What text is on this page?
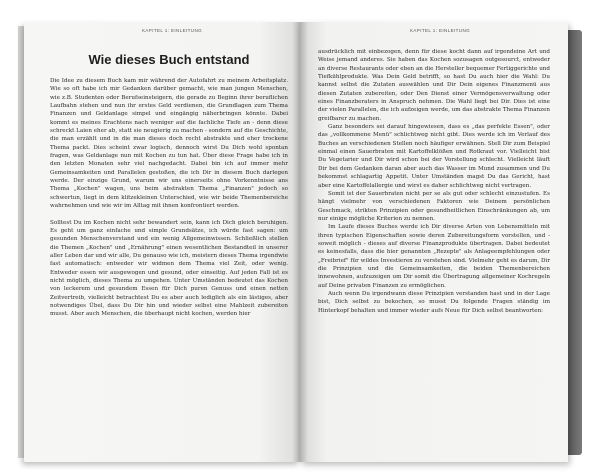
KAPITEL 1: EINLEITUNG
Wie dieses Buch entstand

Die Idee zu diesem Buch kam mir während der Autofahrt zu meinem Arbeitsplatz. Wie so oft habe ich mir Gedanken darüber gemacht, wie man jungen Menschen, wie z.B. Studenten oder Berufseinsteigern, die gerade zu Beginn ihrer beruflichen Laufbahn stehen und nun ihr erstes Geld verdienen, die Grundlagen zum Thema Finanzen und Geldanlage simpel und eingängig näherbringen könnte. Dabei kommt es meines Erachtens nach weniger auf die fachliche Tiefe an - denn diese schreckt Laien eher ab, statt sie neugierig zu machen - sondern auf die Geschichte, die man erzählt und in die man dieses doch recht abstrakte und eher trockene Thema packt. Dies scheint zwar logisch, dennoch wirst Du Dich wohl spontan fragen, was Geldanlage nun mit Kochen zu tun hat. Über diese Frage habe ich in den letzten Monaten sehr viel nachgedacht. Dabei bin ich auf immer mehr Gemeinsamkeiten und Parallelen gestoßen, die ich Dir in diesem Buch darlegen werde. Der einzige Grund, warum wir uns einerseits ohne Vorkenntnisse ans Thema „Kochen" wagen, uns beim abstrakten Thema „Finanzen" jedoch so schwertun, liegt in dem klitzekleinen Unterschied, wie wir beide Themenbereiche wahrnehmen und wie wir im Alltag mit ihnen konfrontiert werden.

Solltest Du im Kochen nicht sehr bewandert sein, kann ich Dich gleich beruhigen. Es geht um ganz einfache und simple Grundsätze, ich würde fast sagen: um gesunden Menschenverstand und ein wenig Allgemeinwissen. Schließlich stellen die Themen „Kochen" und „Ernährung" einen wesentlichen Bestandteil in unserer aller Leben dar und wir alle, Du genauso wie ich, meistern dieses Thema irgendwie fast automatisch: entweder wir widmen dem Thema viel Zeit, oder wenig. Entweder essen wir ausgewogen und gesund, oder einseitig. Auf jeden Fall ist es nicht möglich, dieses Thema zu umgehen. Unter Umständen bedeutet das Kochen von leckerem und gesundem Essen für Dich puren Genuss und einen netten Zeitvertreib, vielleicht betrachtest Du es aber auch lediglich als ein lästiges, aber notwendiges Übel, dass Du Dir hin und wieder selbst eine Mahlzeit zubereiten musst. Aber auch Menschen, die überhaupt nicht kochen, werden hier

KAPITEL 1: EINLEITUNG

ausdrücklich mit einbezogen, denn für diese kocht dann auf irgendeine Art und Weise jemand anderes. Sie haben das Kochen sozusagen outgesourct, entweder an diverse Restaurants oder eben an die Hersteller bequemer Fertiggerichte und Tiefkühlprodukte. Was Dein Geld betrifft, so hast Du auch hier die Wahl: Du kannst selbst die Zutaten auswählen und Dir Dein eigenes Finanzmenü aus diesen Zutaten zubereiten, oder Den Dienst einer Vermögensverwaltung oder eines Finanzberaters in Anspruch nehmen. Die Wahl liegt bei Dir. Dies ist eine der vielen Parallelen, die ich aufzeigen werde, um das abstrakte Thema Finanzen greifbarer zu machen.

Ganz besonders sei darauf hingewiesen, dass es „das perfekte Essen", oder das „vollkommene Menü" schlichtweg nicht gibt. Dies werde ich im Verlauf des Buches an verschiedenen Stellen noch häufiger erwähnen. Stell Dir zum Beispiel einmal einen Sauerbraten mit Kartoffelklößen und Rotkraut vor. Vielleicht bist Du Vegetarier und Dir wird schon bei der Vorstellung schlecht. Vielleicht läuft Dir bei dem Gedanken daran aber auch das Wasser im Mund zusammen und Du bekommst schlagartig Appetit. Unter Umständen magst Du das Gericht, hast aber eine Kartoffelallergie und wirst es daher schlichtweg nicht vertragen.

Somit ist der Sauerbraten nicht per se als gut oder schlecht einzustufen. Es hängt vielmehr von verschiedenen Faktoren wie Deinem persönlichen Geschmack, strikten Prinzipien oder gesundheitlichen Einschränkungen ab, um nur einige mögliche Kriterien zu nennen.

Im Laufe dieses Buches werde ich Dir diverse Arten von Lebensmitteln mit ihren typischen Eigenschaften sowie deren Zubereitungsform vorstellen, und - soweit möglich - dieses auf diverse Finanzprodukte übertragen. Dabei bedeutet es keinesfalls, dass die hier genannten „Rezepte" als Anlageempfehlungen oder „Freibrief" für wildes Investieren zu verstehen sind. Vielmehr geht es darum, Dir die Prinzipien und die Gemeinsamkeiten, die beiden Themenbereichen innewohnen, aufzuzeigen um Dir somit die Übertragung allgemeiner Kochregeln auf Deine privaten Finanzen zu ermöglichen.

Auch wenn Du irgendwann diese Prinzipien verstanden hast und in der Lage bist, Dich selbst zu bekochen, so musst Du folgende Fragen ständig im Hinterkopf behalten und immer wieder aufs Neue für Dich selbst beantworten:
